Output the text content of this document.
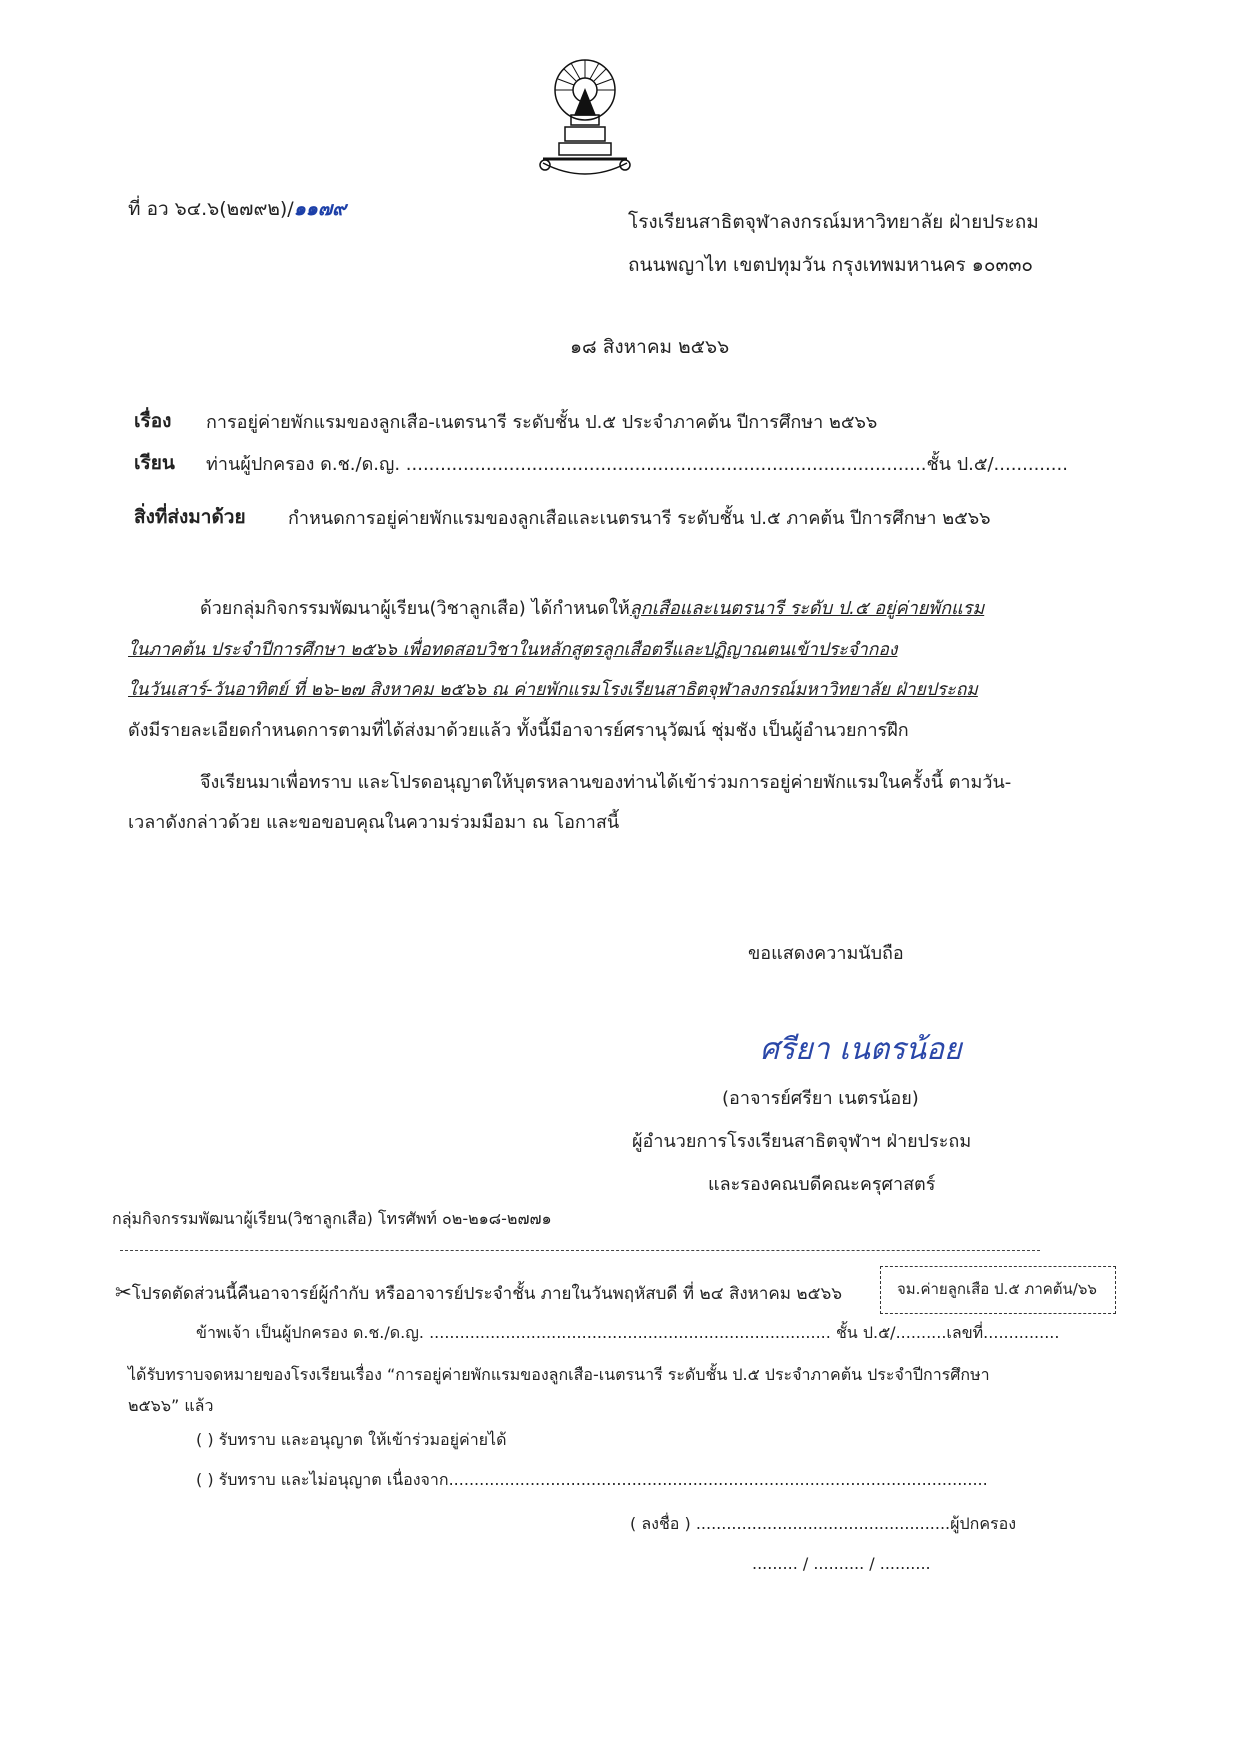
ที่ อว ๖๔.๖(๒๗๙๒)/๑๑๗๙
โรงเรียนสาธิตจุฬาลงกรณ์มหาวิทยาลัย ฝ่ายประถม
ถนนพญาไท เขตปทุมวัน กรุงเทพมหานคร ๑๐๓๓๐
๑๘ สิงหาคม ๒๕๖๖
เรื่อง การอยู่ค่ายพักแรมของลูกเสือ-เนตรนารี ระดับชั้น ป.๕ ประจำภาคต้น ปีการศึกษา ๒๕๖๖
เรียน ท่านผู้ปกครอง ด.ช./ด.ญ. ...........................................................................................ชั้น ป.๕/.............
สิ่งที่ส่งมาด้วย กำหนดการอยู่ค่ายพักแรมของลูกเสือและเนตรนารี ระดับชั้น ป.๕ ภาคต้น ปีการศึกษา ๒๕๖๖
ด้วยกลุ่มกิจกรรมพัฒนาผู้เรียน(วิชาลูกเสือ) ได้กำหนดให้ลูกเสือและเนตรนารี ระดับ ป.๕ อยู่ค่ายพักแรม
ในภาคต้น ประจำปีการศึกษา ๒๕๖๖ เพื่อทดสอบวิชาในหลักสูตรลูกเสือตรีและปฏิญาณตนเข้าประจำกอง
ในวันเสาร์-วันอาทิตย์ ที่ ๒๖-๒๗ สิงหาคม ๒๕๖๖ ณ ค่ายพักแรมโรงเรียนสาธิตจุฬาลงกรณ์มหาวิทยาลัย ฝ่ายประถม
ดังมีรายละเอียดกำหนดการตามที่ได้ส่งมาด้วยแล้ว ทั้งนี้มีอาจารย์ศรานุวัฒน์ ชุ่มชัง เป็นผู้อำนวยการฝึก
จึงเรียนมาเพื่อทราบ และโปรดอนุญาตให้บุตรหลานของท่านได้เข้าร่วมการอยู่ค่ายพักแรมในครั้งนี้ ตามวัน-
เวลาดังกล่าวด้วย และขอขอบคุณในความร่วมมือมา ณ โอกาสนี้
ขอแสดงความนับถือ
ศรียา เนตรน้อย
(อาจารย์ศรียา เนตรน้อย)
ผู้อำนวยการโรงเรียนสาธิตจุฬาฯ ฝ่ายประถม
และรองคณบดีคณะครุศาสตร์
กลุ่มกิจกรรมพัฒนาผู้เรียน(วิชาลูกเสือ) โทรศัพท์ ๐๒-๒๑๘-๒๗๗๑
✂โปรดตัดส่วนนี้คืนอาจารย์ผู้กำกับ หรืออาจารย์ประจำชั้น ภายในวันพฤหัสบดี ที่ ๒๔ สิงหาคม ๒๕๖๖	จม.ค่ายลูกเสือ ป.๕ ภาคต้น/๖๖
ข้าพเจ้า เป็นผู้ปกครอง ด.ช./ด.ญ. ............................................................................... ชั้น ป.๕/..........เลขที่...............
ได้รับทราบจดหมายของโรงเรียนเรื่อง “การอยู่ค่ายพักแรมของลูกเสือ-เนตรนารี ระดับชั้น ป.๕ ประจำภาคต้น ประจำปีการศึกษา
๒๕๖๖” แล้ว
( ) รับทราบ และอนุญาต ให้เข้าร่วมอยู่ค่ายได้
( ) รับทราบ และไม่อนุญาต เนื่องจาก..........................................................................................................
( ลงชื่อ ) ..................................................ผู้ปกครอง
......... / .......... / ..........
